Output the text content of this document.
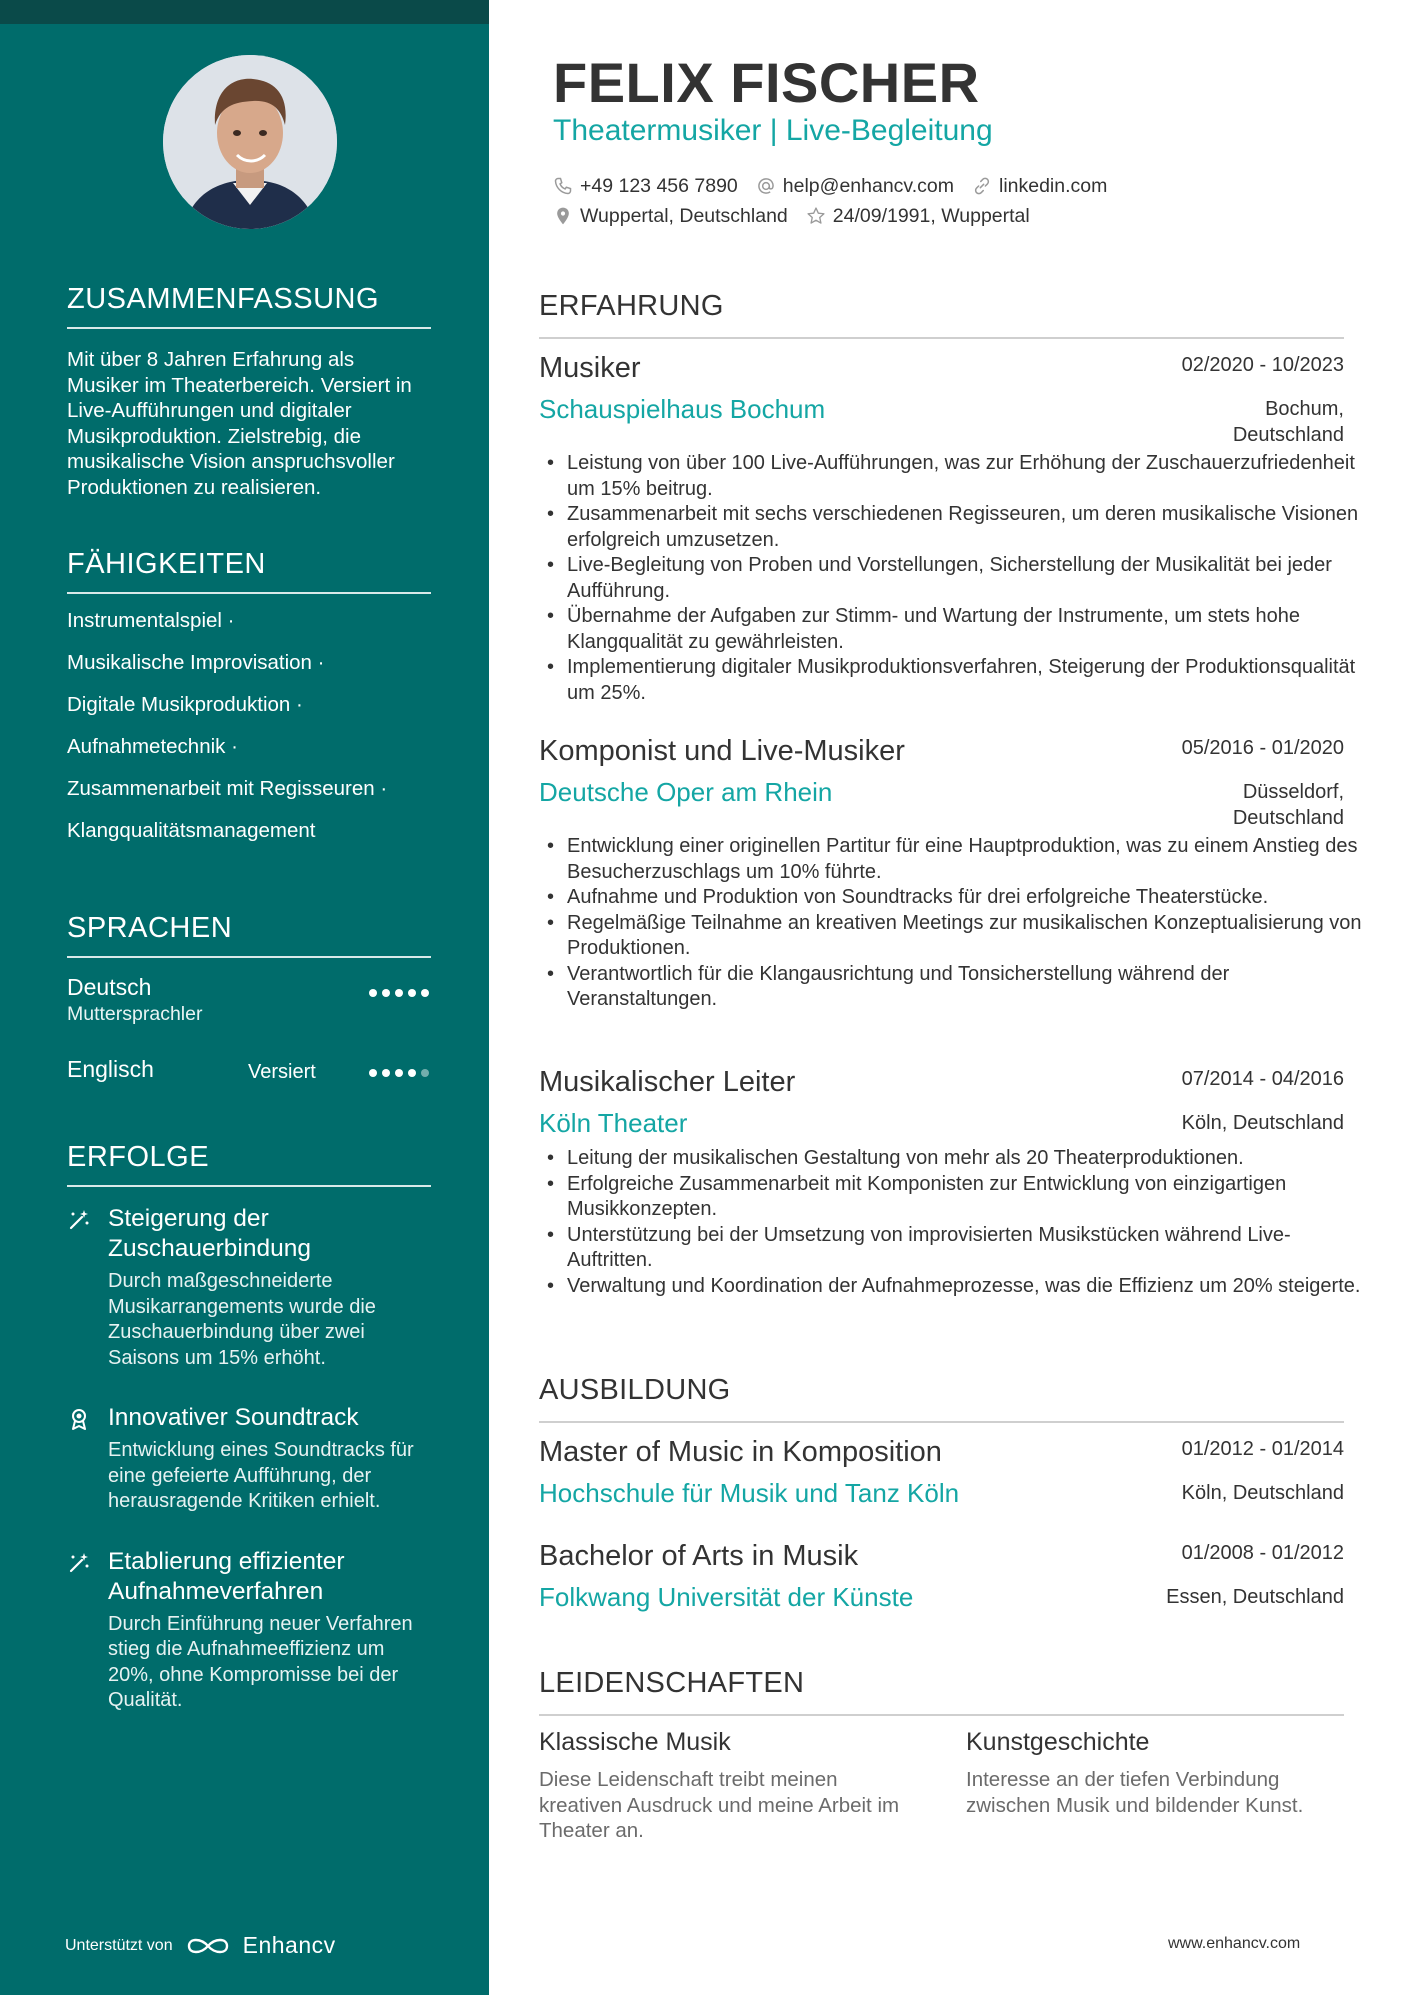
ZUSAMMENFASSUNG
Mit über 8 Jahren Erfahrung als Musiker im Theaterbereich. Versiert in Live-Aufführungen und digitaler Musikproduktion. Zielstrebig, die musikalische Vision anspruchsvoller Produktionen zu realisieren.
FÄHIGKEITEN
Instrumentalspiel ·
Musikalische Improvisation ·
Digitale Musikproduktion ·
Aufnahmetechnik ·
Zusammenarbeit mit Regisseuren ·
Klangqualitätsmanagement
SPRACHEN
Deutsch
Muttersprachler
Englisch	Versiert
ERFOLGE
Steigerung der Zuschauerbindung
Durch maßgeschneiderte Musikarrangements wurde die Zuschauerbindung über zwei Saisons um 15% erhöht.
Innovativer Soundtrack
Entwicklung eines Soundtracks für eine gefeierte Aufführung, der herausragende Kritiken erhielt.
Etablierung effizienter Aufnahmeverfahren
Durch Einführung neuer Verfahren stieg die Aufnahmeeffizienz um 20%, ohne Kompromisse bei der Qualität.
Unterstützt von	Enhancv
FELIX FISCHER
Theatermusiker | Live-Begleitung
+49 123 456 7890 help@enhancv.com linkedin.com
Wuppertal, Deutschland 24/09/1991, Wuppertal
ERFAHRUNG
Musiker	02/2020 - 10/2023
Schauspielhaus Bochum	Bochum,
Deutschland
• Leistung von über 100 Live-Aufführungen, was zur Erhöhung der Zuschauerzufriedenheit um 15% beitrug.
• Zusammenarbeit mit sechs verschiedenen Regisseuren, um deren musikalische Visionen erfolgreich umzusetzen.
• Live-Begleitung von Proben und Vorstellungen, Sicherstellung der Musikalität bei jeder Aufführung.
• Übernahme der Aufgaben zur Stimm- und Wartung der Instrumente, um stets hohe Klangqualität zu gewährleisten.
• Implementierung digitaler Musikproduktionsverfahren, Steigerung der Produktionsqualität um 25%.
Komponist und Live-Musiker	05/2016 - 01/2020
Deutsche Oper am Rhein	Düsseldorf,
Deutschland
• Entwicklung einer originellen Partitur für eine Hauptproduktion, was zu einem Anstieg des Besucherzuschlags um 10% führte.
• Aufnahme und Produktion von Soundtracks für drei erfolgreiche Theaterstücke.
• Regelmäßige Teilnahme an kreativen Meetings zur musikalischen Konzeptualisierung von Produktionen.
• Verantwortlich für die Klangausrichtung und Tonsicherstellung während der Veranstaltungen.
Musikalischer Leiter	07/2014 - 04/2016
Köln Theater	Köln, Deutschland
• Leitung der musikalischen Gestaltung von mehr als 20 Theaterproduktionen.
• Erfolgreiche Zusammenarbeit mit Komponisten zur Entwicklung von einzigartigen Musikkonzepten.
• Unterstützung bei der Umsetzung von improvisierten Musikstücken während Live-Auftritten.
• Verwaltung und Koordination der Aufnahmeprozesse, was die Effizienz um 20% steigerte.
AUSBILDUNG
Master of Music in Komposition	01/2012 - 01/2014
Hochschule für Musik und Tanz Köln	Köln, Deutschland
Bachelor of Arts in Musik	01/2008 - 01/2012
Folkwang Universität der Künste	Essen, Deutschland
LEIDENSCHAFTEN
Klassische Musik
Diese Leidenschaft treibt meinen kreativen Ausdruck und meine Arbeit im Theater an.
Kunstgeschichte
Interesse an der tiefen Verbindung zwischen Musik und bildender Kunst.
www.enhancv.com
